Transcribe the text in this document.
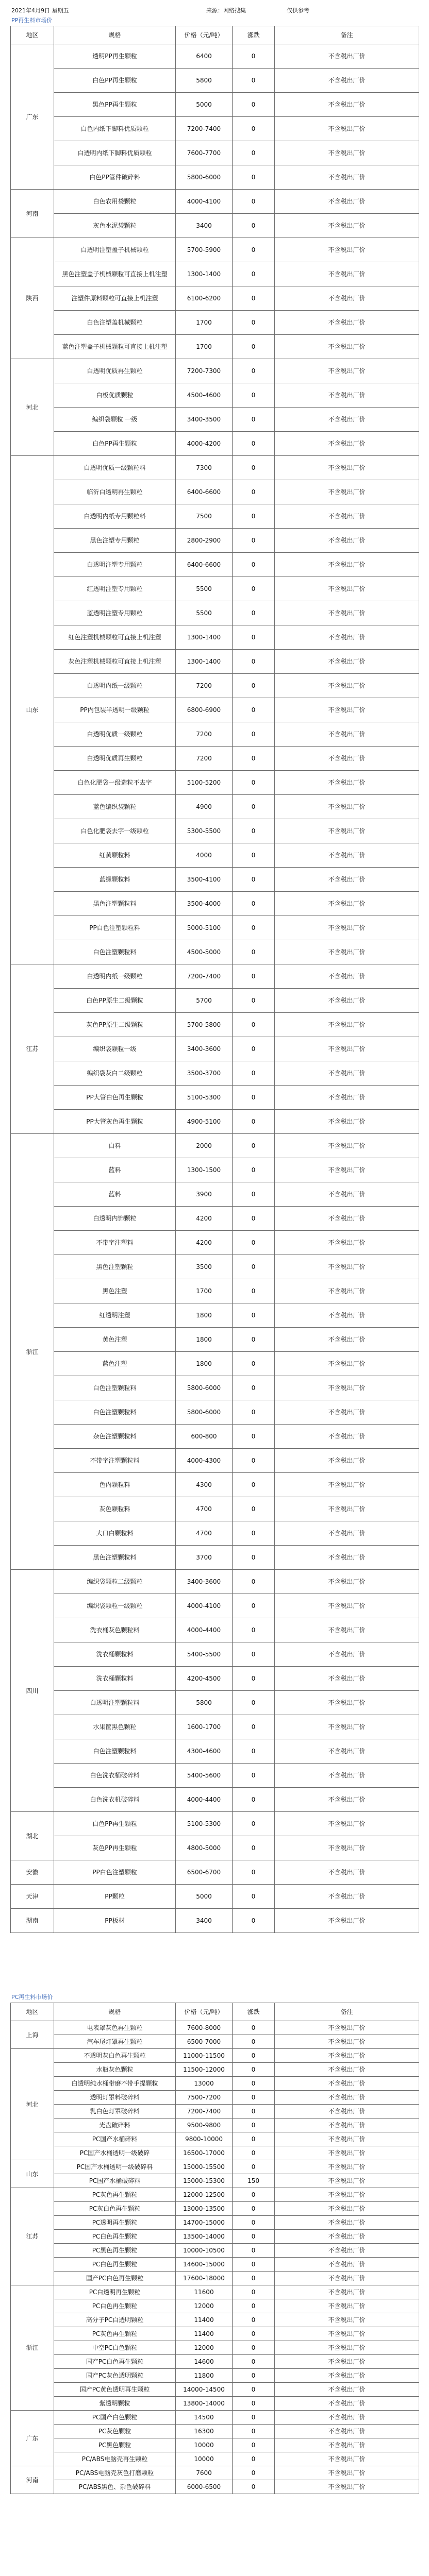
2021年4月9日 星期五	来源：网络搜集	仅供参考
PP再生料市场价
地区	规格	价格（元/吨）	涨跌	备注
广东	透明PP再生颗粒	6400	0	不含税出厂价
	白色PP再生颗粒	5800	0	不含税出厂价
	黑色PP再生颗粒	5000	0	不含税出厂价
	白色内纸下脚料优质颗粒	7200-7400	0	不含税出厂价
	白透明内纸下脚料优质颗粒	7600-7700	0	不含税出厂价
	白色PP管件破碎料	5800-6000	0	不含税出厂价
河南	白色农用袋颗粒	4000-4100	0	不含税出厂价
	灰色水泥袋颗粒	3400	0	不含税出厂价
陕西	白透明注塑盖子机械颗粒	5700-5900	0	不含税出厂价
	黑色注塑盖子机械颗粒可直接上机注塑	1300-1400	0	不含税出厂价
	注塑件原料颗粒可直接上机注塑	6100-6200	0	不含税出厂价
	白色注塑盖机械颗粒	1700	0	不含税出厂价
	蓝色注塑盖子机械颗粒可直接上机注塑	1700	0	不含税出厂价
河北	白透明优质再生颗粒	7200-7300	0	不含税出厂价
	白板优质颗粒	4500-4600	0	不含税出厂价
	编织袋颗粒 一级	3400-3500	0	不含税出厂价
	白色PP再生颗粒	4000-4200	0	不含税出厂价
山东	白透明优质一级颗粒料	7300	0	不含税出厂价
	临沂白透明再生颗粒	6400-6600	0	不含税出厂价
	白透明内纸专用颗粒料	7500	0	不含税出厂价
	黑色注塑专用颗粒	2800-2900	0	不含税出厂价
	白透明注塑专用颗粒	6400-6600	0	不含税出厂价
	红透明注塑专用颗粒	5500	0	不含税出厂价
	蓝透明注塑专用颗粒	5500	0	不含税出厂价
	红色注塑机械颗粒可直接上机注塑	1300-1400	0	不含税出厂价
	灰色注塑机械颗粒可直接上机注塑	1300-1400	0	不含税出厂价
	白透明内纸一级颗粒	7200	0	不含税出厂价
	PP内包装半透明一级颗粒	6800-6900	0	不含税出厂价
	白透明优质一级颗粒	7200	0	不含税出厂价
	白透明优质再生颗粒	7200	0	不含税出厂价
	白色化肥袋一级造粒不去字	5100-5200	0	不含税出厂价
	蓝色编织袋颗粒	4900	0	不含税出厂价
	白色化肥袋去字一级颗粒	5300-5500	0	不含税出厂价
	红黄颗粒料	4000	0	不含税出厂价
	蓝绿颗粒料	3500-4100	0	不含税出厂价
	黑色注塑颗粒料	3500-4000	0	不含税出厂价
	PP白色注塑颗粒料	5000-5100	0	不含税出厂价
	白色注塑颗粒料	4500-5000	0	不含税出厂价
江苏	白透明内纸一级颗粒	7200-7400	0	不含税出厂价
	白色PP原生二级颗粒	5700	0	不含税出厂价
	灰色PP原生二级颗粒	5700-5800	0	不含税出厂价
	编织袋颗粒一级	3400-3600	0	不含税出厂价
	编织袋灰白二级颗粒	3500-3700	0	不含税出厂价
	PP大管白色再生颗粒	5100-5300	0	不含税出厂价
	PP大管灰色再生颗粒	4900-5100	0	不含税出厂价
浙江	白料	2000	0	不含税出厂价
	蓝料	1300-1500	0	不含税出厂价
	蓝料	3900	0	不含税出厂价
	白透明内饰颗粒	4200	0	不含税出厂价
	不带字注塑料	4200	0	不含税出厂价
	黑色注塑颗粒	3500	0	不含税出厂价
	黑色注塑	1700	0	不含税出厂价
	红透明注塑	1800	0	不含税出厂价
	黄色注塑	1800	0	不含税出厂价
	蓝色注塑	1800	0	不含税出厂价
	白色注塑颗粒料	5800-6000	0	不含税出厂价
	白色注塑颗粒料	5800-6000	0	不含税出厂价
	杂色注塑颗粒料	600-800	0	不含税出厂价
	不带字注塑颗粒料	4000-4300	0	不含税出厂价
	色内颗粒料	4300	0	不含税出厂价
	灰色颗粒料	4700	0	不含税出厂价
	大口白颗粒料	4700	0	不含税出厂价
	黑色注塑颗粒料	3700	0	不含税出厂价
四川	编织袋颗粒二级颗粒	3400-3600	0	不含税出厂价
	编织袋颗粒一级颗粒	4000-4100	0	不含税出厂价
	洗衣桶灰色颗粒料	4000-4400	0	不含税出厂价
	洗衣桶颗粒料	5400-5500	0	不含税出厂价
	洗衣桶颗粒料	4200-4500	0	不含税出厂价
	白透明注塑颗粒料	5800	0	不含税出厂价
	水果筐黑色颗粒	1600-1700	0	不含税出厂价
	白色注塑颗粒料	4300-4600	0	不含税出厂价
	白色洗衣桶破碎料	5400-5600	0	不含税出厂价
	白色洗衣机破碎料	4000-4400	0	不含税出厂价
湖北	白色PP再生颗粒	5100-5300	0	不含税出厂价
	灰色PP再生颗粒	4800-5000	0	不含税出厂价
安徽	PP白色注塑颗粒	6500-6700	0	不含税出厂价
天津	PP颗粒	5000	0	不含税出厂价
湖南	PP板材	3400	0	不含税出厂价
PC再生料市场价
地区	规格	价格（元/吨）	涨跌	备注
上海	电表罩灰色再生颗粒	7600-8000	0	不含税出厂价
	汽车尾灯罩再生颗粒	6500-7000	0	不含税出厂价
河北	不透明灰白色再生颗粒	11000-11500	0	不含税出厂价
	水瓶灰色颗粒	11500-12000	0	不含税出厂价
	白透明纯水桶带磨不带手提颗粒	13000	0	不含税出厂价
	透明灯罩料破碎料	7500-7200	0	不含税出厂价
	乳白色灯罩破碎料	7200-7400	0	不含税出厂价
	光盘破碎料	9500-9800	0	不含税出厂价
	PC国产水桶碎料	9800-10000	0	不含税出厂价
	PC国产水桶透明一级破碎	16500-17000	0	不含税出厂价
山东	PC国产水桶透明一级破碎料	15000-15500	0	不含税出厂价
	PC国产水桶破碎料	15000-15300	150	不含税出厂价
江苏	PC灰色再生颗粒	12000-12500	0	不含税出厂价
	PC灰白色再生颗粒	13000-13500	0	不含税出厂价
	PC透明再生颗粒	14700-15000	0	不含税出厂价
	PC白色再生颗粒	13500-14000	0	不含税出厂价
	PC黑色再生颗粒	10000-10500	0	不含税出厂价
	PC白色再生颗粒	14600-15000	0	不含税出厂价
	国产PC白色再生颗粒	17600-18000	0	不含税出厂价
浙江	PC白透明再生颗粒	11600	0	不含税出厂价
	PC白色再生颗粒	12000	0	不含税出厂价
	高分子PC白透明颗粒	11400	0	不含税出厂价
	PC灰色再生颗粒	11400	0	不含税出厂价
	中空PC白色颗粒	12000	0	不含税出厂价
	国产PC白色再生颗粒	14600	0	不含税出厂价
	国产PC灰色透明颗粒	11800	0	不含税出厂价
	国产PC黄色透明再生颗粒	14000-14500	0	不含税出厂价
	紫透明颗粒	13800-14000	0	不含税出厂价
广东	PC国产白色颗粒	14500	0	不含税出厂价
	PC灰色颗粒	16300	0	不含税出厂价
	PC黑色颗粒	10000	0	不含税出厂价
	PC/ABS电脑壳再生颗粒	10000	0	不含税出厂价
河南	PC/ABS电脑壳灰色打磨颗粒	7600	0	不含税出厂价
	PC/ABS黑色、杂色破碎料	6000-6500	0	不含税出厂价
